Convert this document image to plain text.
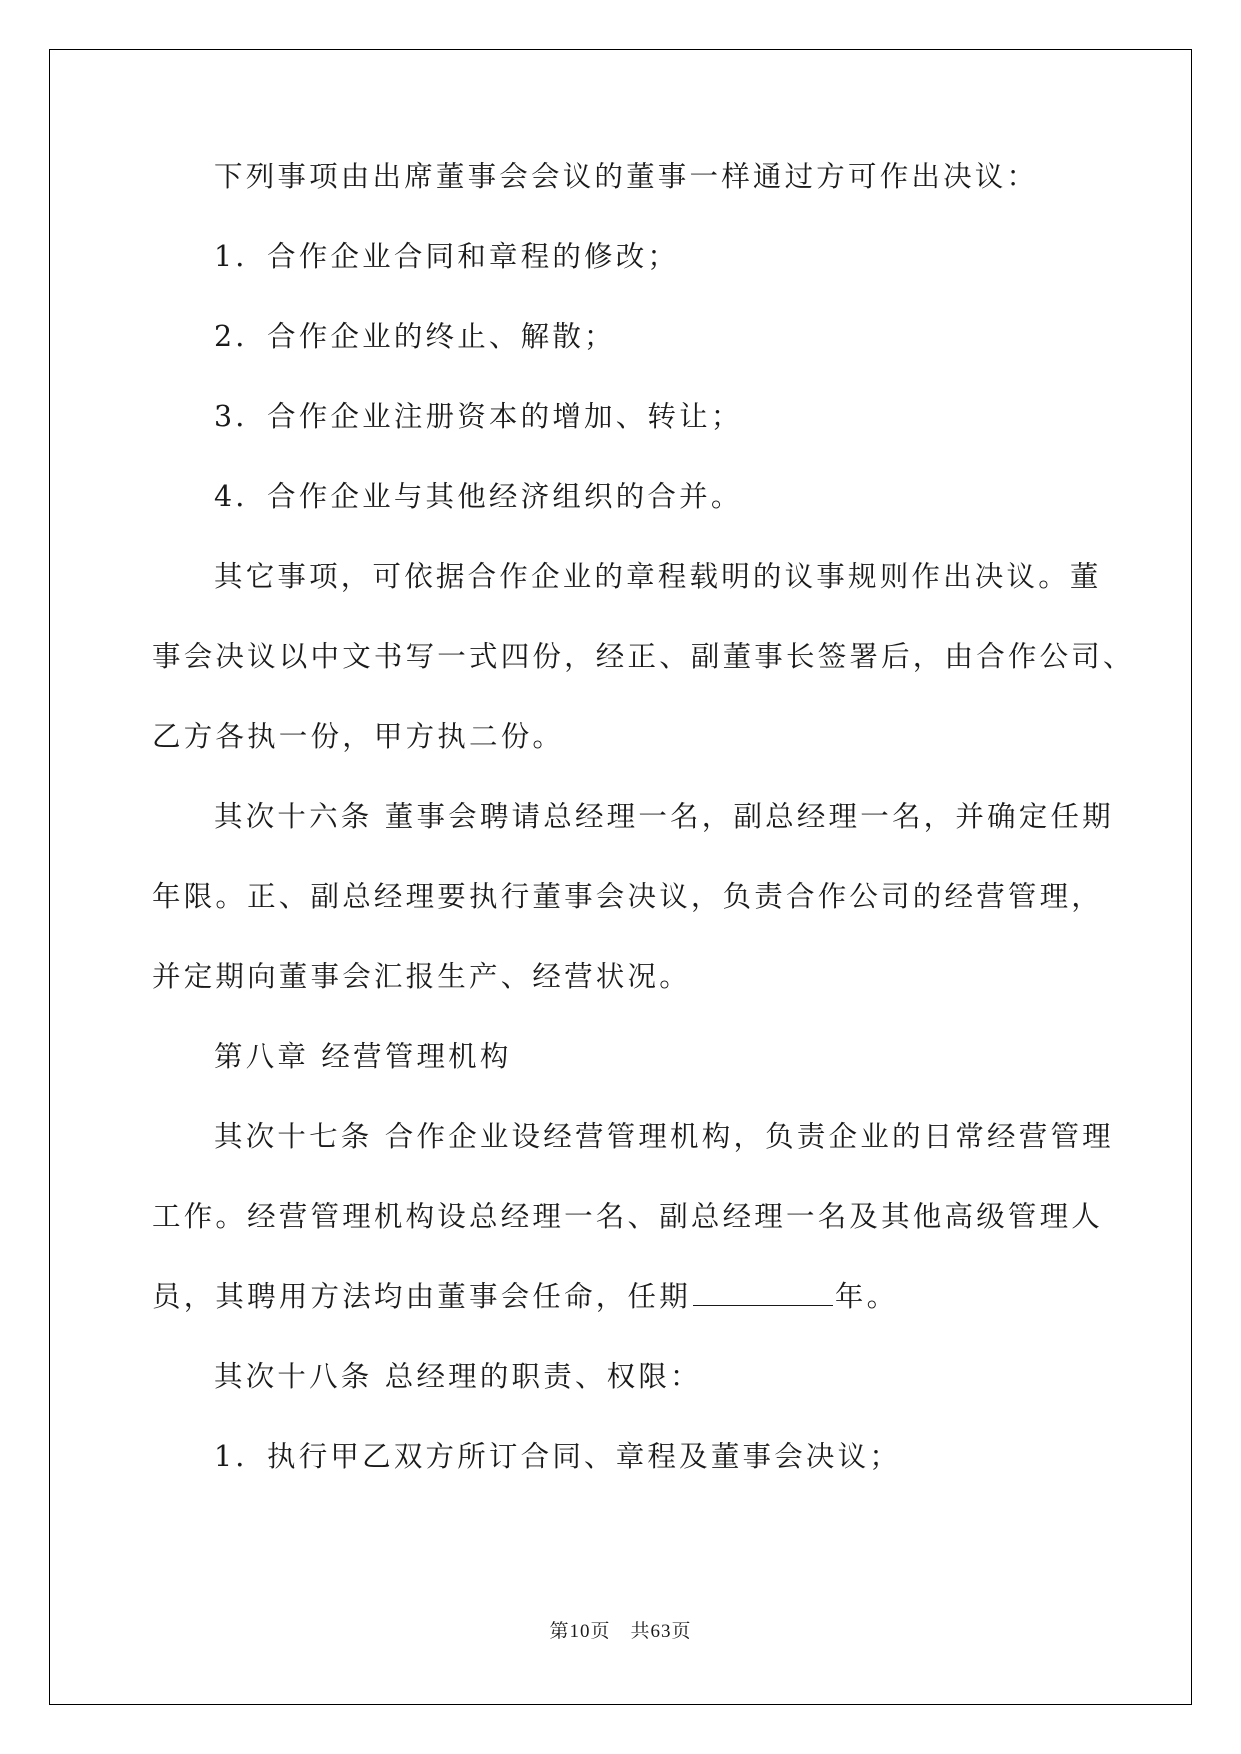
下列事项由出席董事会会议的董事一样通过方可作出决议：
1．合作企业合同和章程的修改；
2．合作企业的终止、解散；
3．合作企业注册资本的增加、转让；
4．合作企业与其他经济组织的合并。
其它事项，可依据合作企业的章程载明的议事规则作出决议。董
事会决议以中文书写一式四份，经正、副董事长签署后，由合作公司、
乙方各执一份，甲方执二份。
其次十六条 董事会聘请总经理一名，副总经理一名，并确定任期
年限。正、副总经理要执行董事会决议，负责合作公司的经营管理，
并定期向董事会汇报生产、经营状况。
第八章 经营管理机构
其次十七条 合作企业设经营管理机构，负责企业的日常经营管理
工作。经营管理机构设总经理一名、副总经理一名及其他高级管理人
员，其聘用方法均由董事会任命，任期	年。
其次十八条 总经理的职责、权限：
1．执行甲乙双方所订合同、章程及董事会决议；
第10页　共63页
